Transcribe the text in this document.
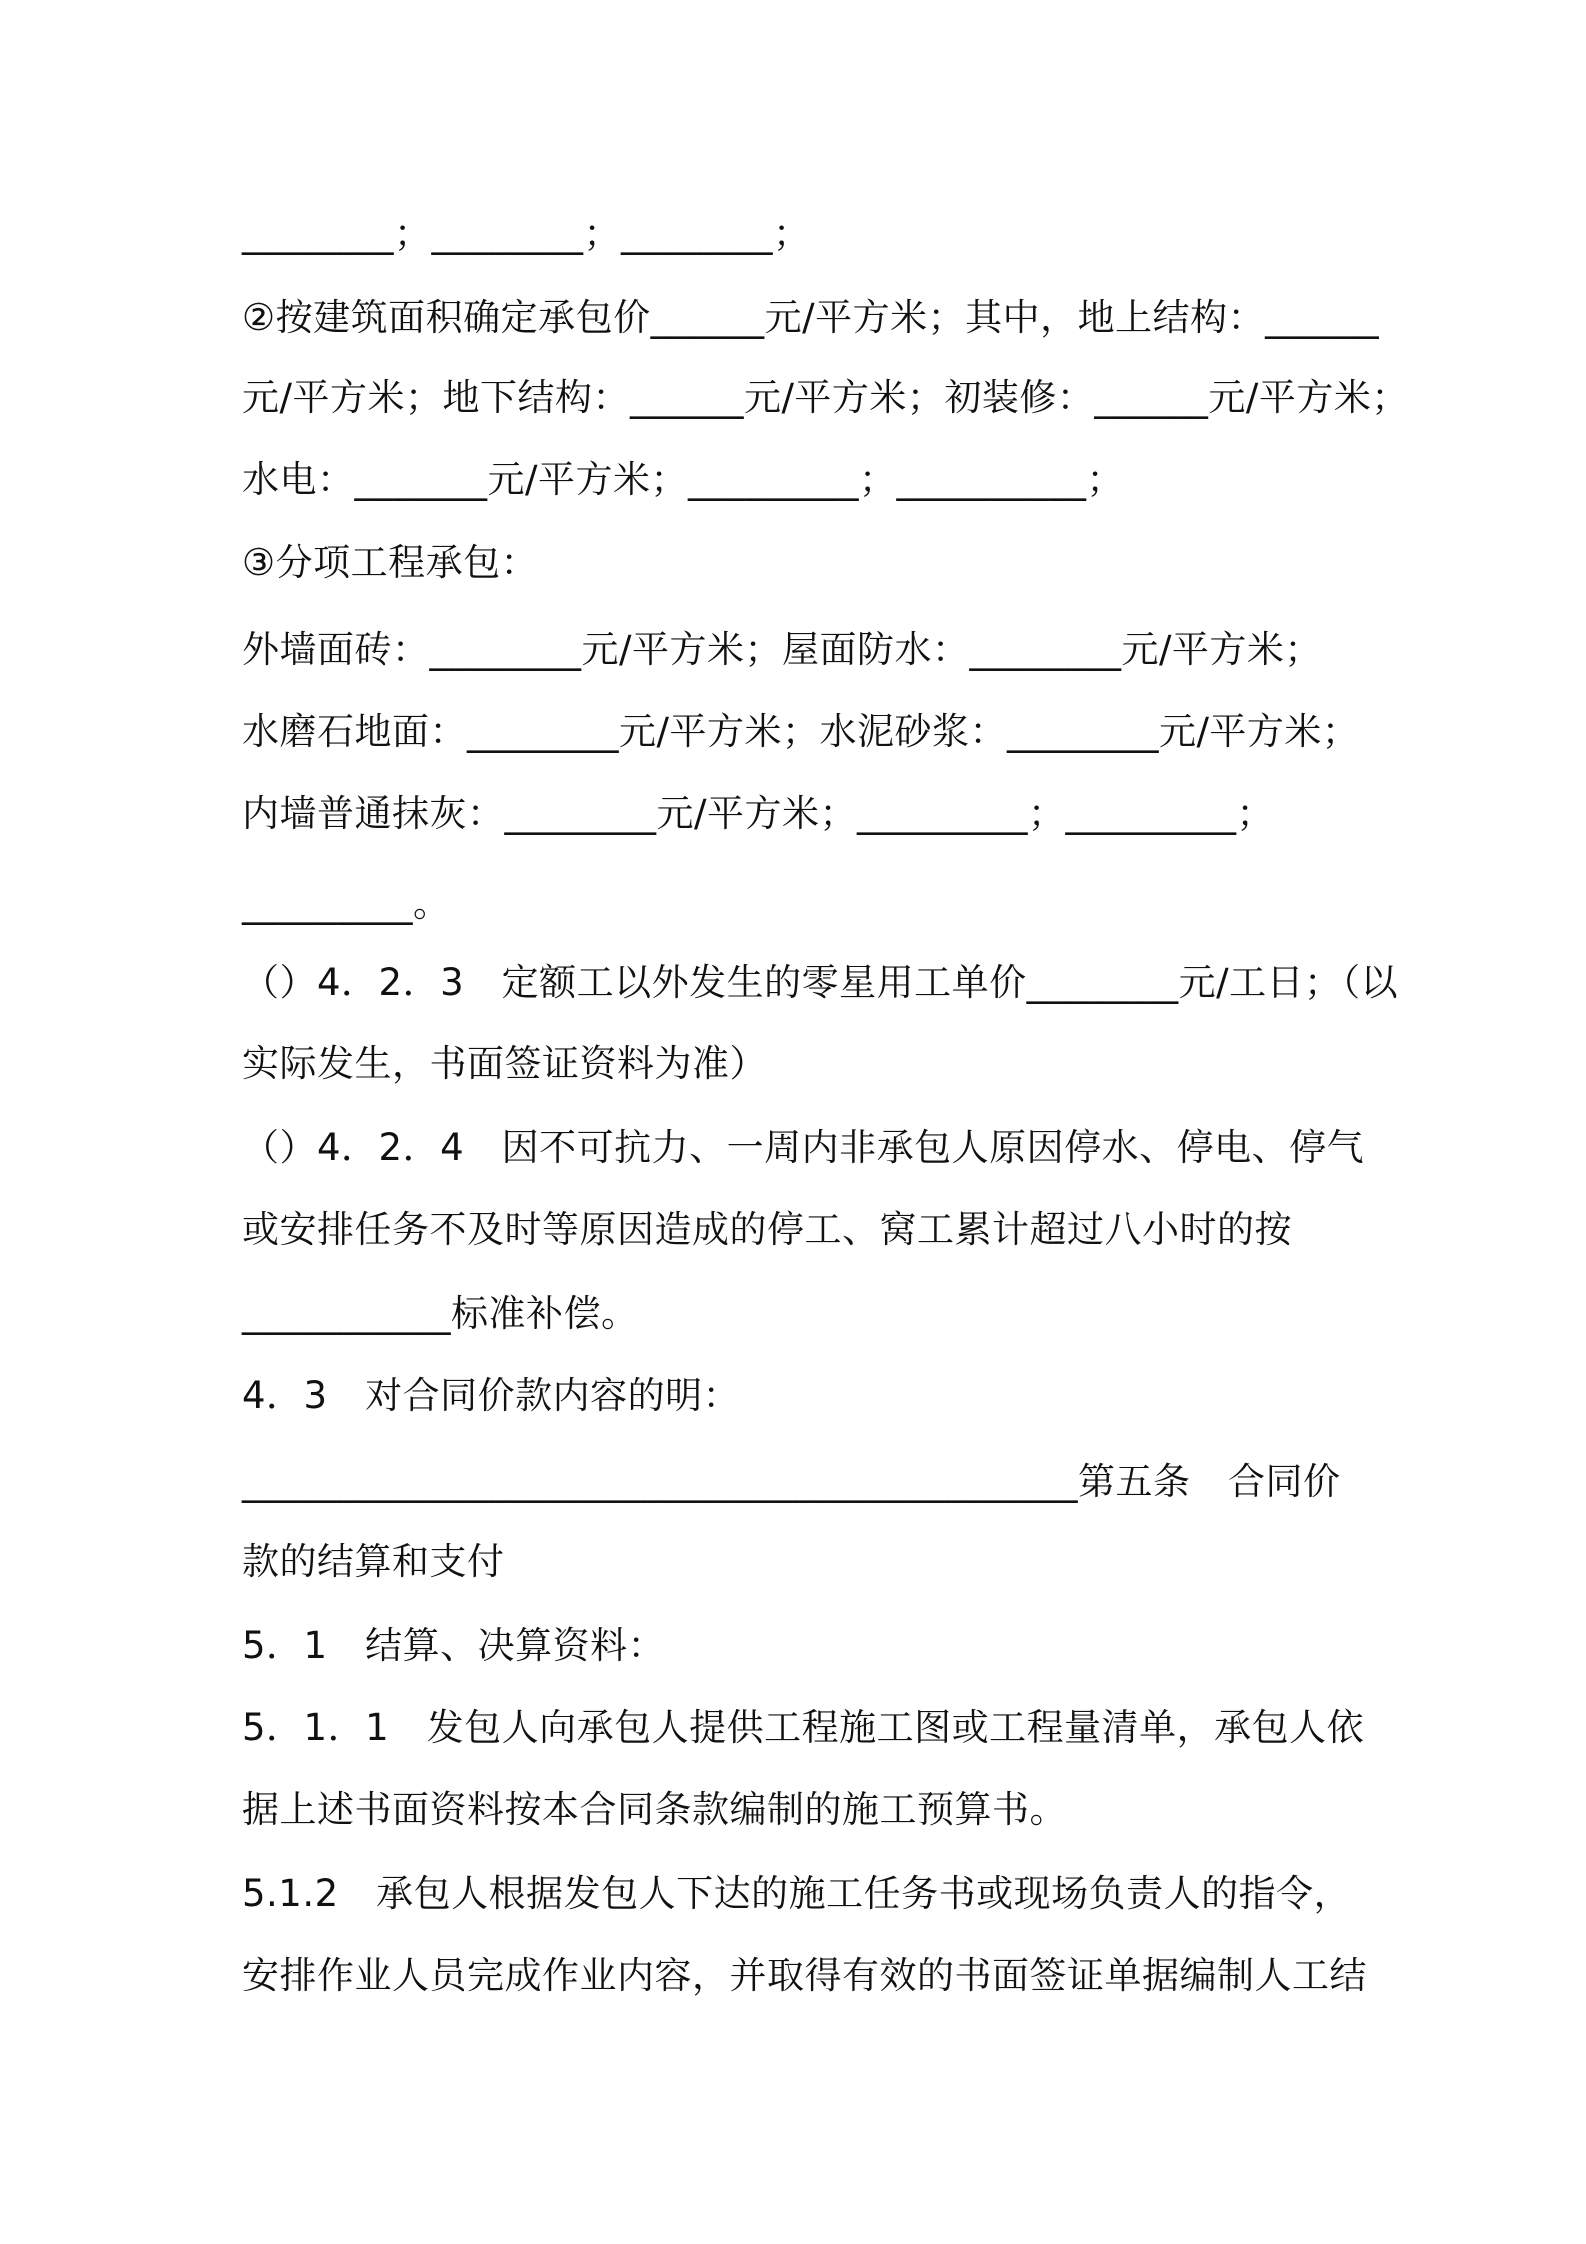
________；________；________；
②按建筑面积确定承包价______元/平方米；其中，地上结构：______
元/平方米；地下结构：______元/平方米；初装修：______元/平方米；
水电：_______元/平方米；_________；__________；
③分项工程承包：
外墙面砖：________元/平方米；屋面防水：________元/平方米；
水磨石地面：________元/平方米；水泥砂浆：________元/平方米；
内墙普通抹灰：________元/平方米；_________；_________；
_________。
（）4．2．3　定额工以外发生的零星用工单价________元/工日；（以
实际发生，书面签证资料为准）
（）4．2．4　因不可抗力、一周内非承包人原因停水、停电、停气
或安排任务不及时等原因造成的停工、窝工累计超过八小时的按
___________标准补偿。
4．3　对合同价款内容的明：
____________________________________________第五条　合同价
款的结算和支付
5．1　结算、决算资料：
5．1．1　发包人向承包人提供工程施工图或工程量清单，承包人依
据上述书面资料按本合同条款编制的施工预算书。
5.1.2　承包人根据发包人下达的施工任务书或现场负责人的指令，
安排作业人员完成作业内容，并取得有效的书面签证单据编制人工结
